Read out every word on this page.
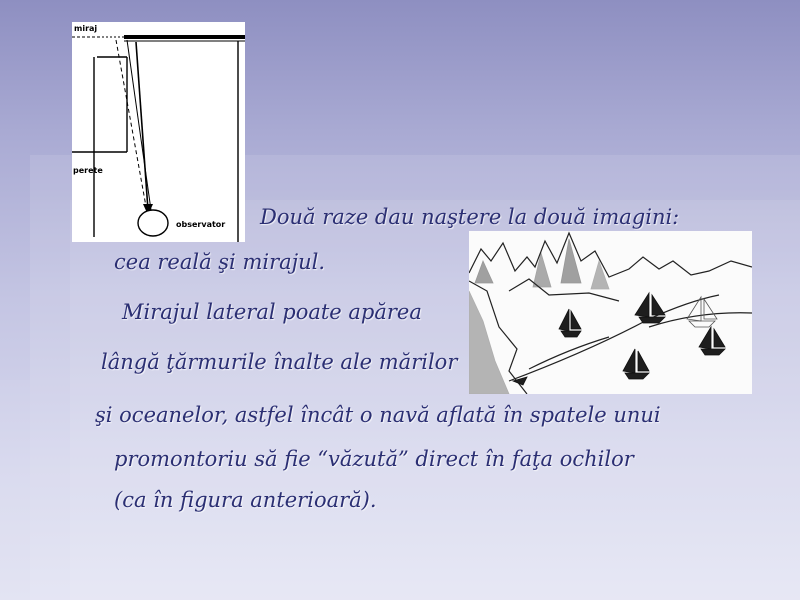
miraj
perete
observator Două raze dau naştere la două imagini:
cea reală şi mirajul.
Mirajul lateral poate apărea
lângă ţărmurile înalte ale mărilor
şi oceanelor, astfel încât o navă aflată în spatele unui
promontoriu să fie “văzută” direct în faţa ochilor
(ca în figura anterioară).
